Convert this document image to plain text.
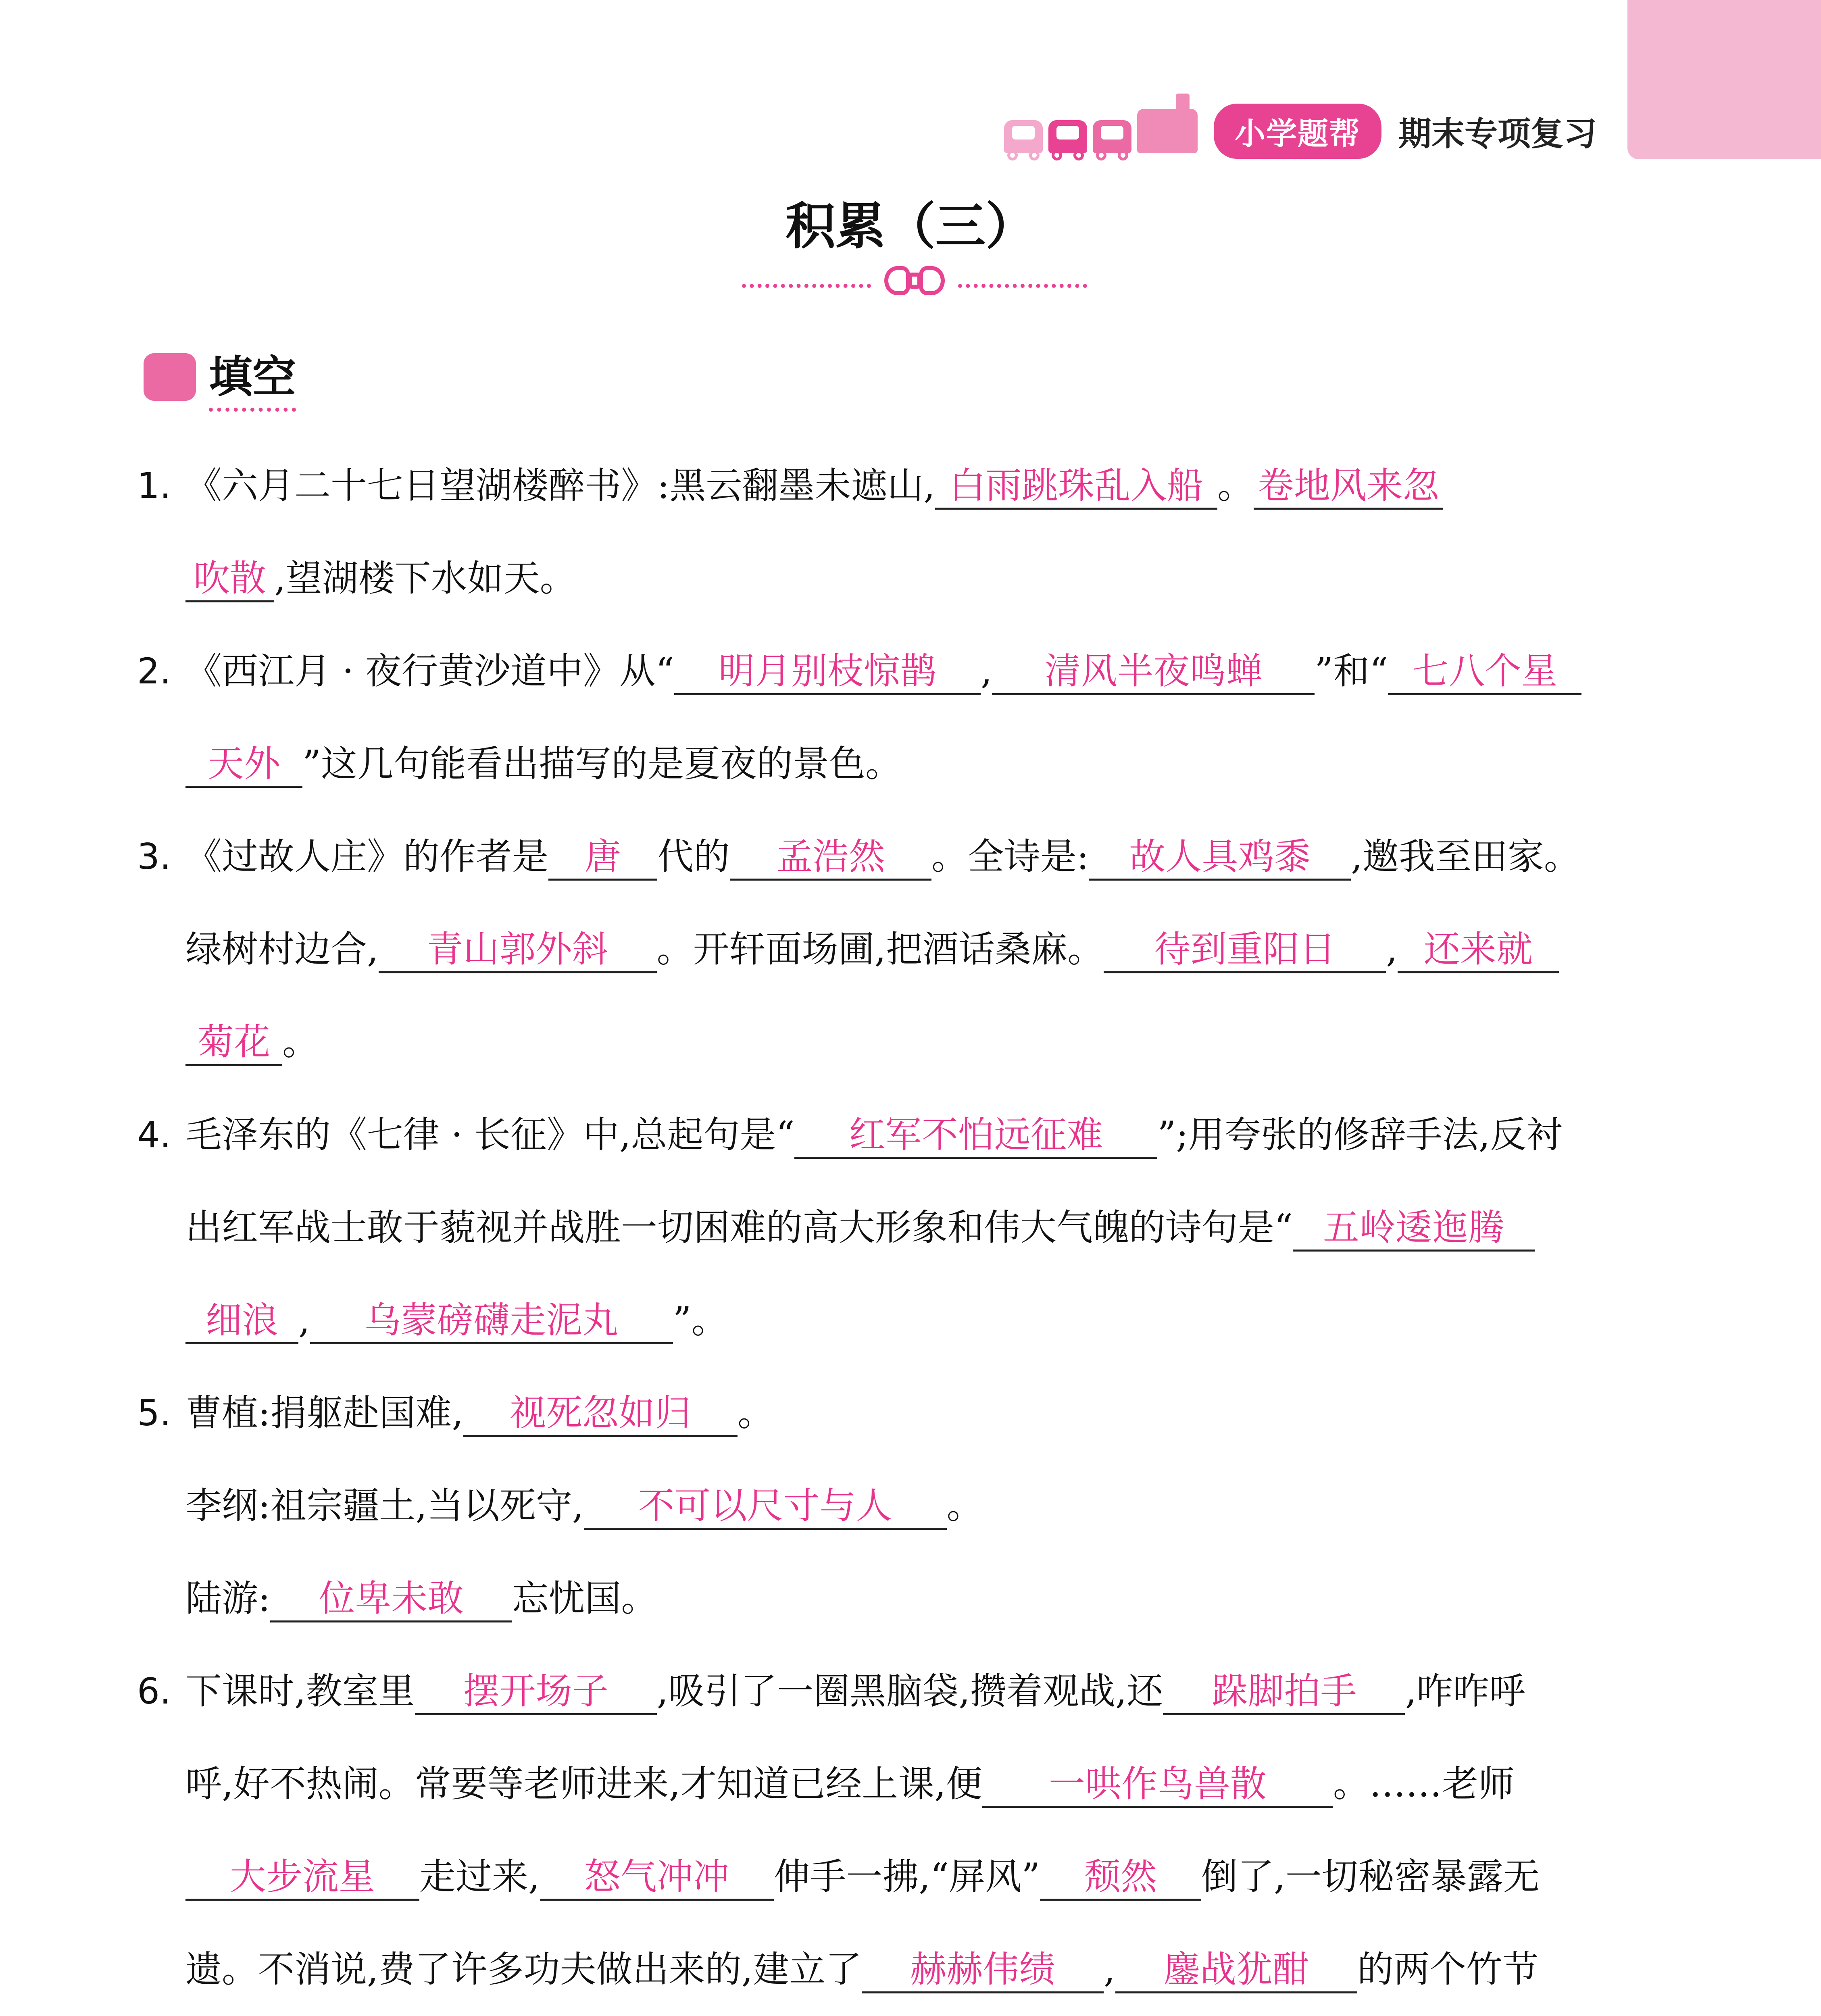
小学题帮	期末专项复习
积累（三）
填空
1. 《六月二十七日望湖楼醉书》:黑云翻墨未遮山, 白雨跳珠乱入船 。 卷地风来忽
吹散 ,望湖楼下水如天。
2. 《西江月 · 夜行黄沙道中》从“ 明月别枝惊鹊 , 清风半夜鸣蝉 ”和“ 七八个星
天外 ”这几句能看出描写的是夏夜的景色。
3. 《过故人庄》的作者是 唐 代的 孟浩然 。全诗是: 故人具鸡黍 ,邀我至田家。
绿树村边合, 青山郭外斜 。开轩面场圃,把酒话桑麻。 待到重阳日 , 还来就
菊花 。
4. 毛泽东的《七律 · 长征》中,总起句是“ 红军不怕远征难 ”;用夸张的修辞手法,反衬
出红军战士敢于藐视并战胜一切困难的高大形象和伟大气魄的诗句是“ 五岭逶迤腾
细浪 , 乌蒙磅礴走泥丸 ”。
5. 曹植:捐躯赴国难, 视死忽如归 。
李纲:祖宗疆土,当以死守, 不可以尺寸与人 。
陆游: 位卑未敢 忘忧国。
6. 下课时,教室里 摆开场子 ,吸引了一圈黑脑袋,攒着观战,还 跺脚拍手 ,咋咋呼
呼,好不热闹。常要等老师进来,才知道已经上课,便 一哄作鸟兽散 。……老师
大步流星 走过来, 怒气冲冲 伸手一拂,“屏风” 颓然 倒了,一切秘密暴露无
遗。不消说,费了许多功夫做出来的,建立了 赫赫伟绩 , 鏖战犹酣 的两个竹节
